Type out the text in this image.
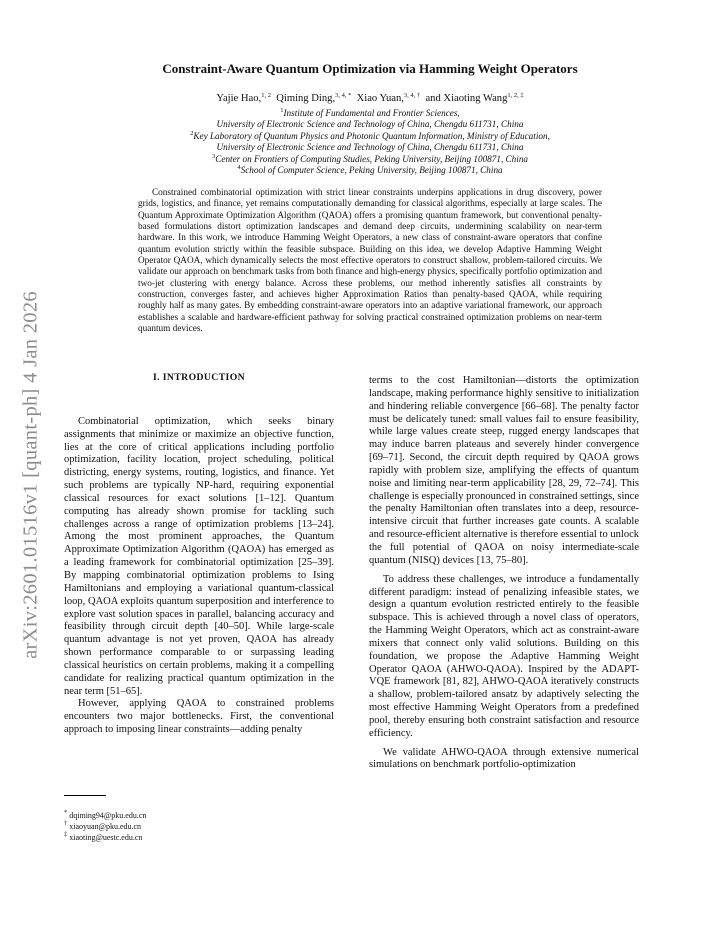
arXiv:2601.01516v1 [quant-ph] 4 Jan 2026
Constraint-Aware Quantum Optimization via Hamming Weight Operators
Yajie Hao,$^{1, 2}$ Qiming Ding,$^{3, 4, *}$ Xiao Yuan,$^{3, 4, \dagger}$ and Xiaoting Wang$^{1, 2, \ddagger}$
$^1$Institute of Fundamental and Frontier Sciences,
University of Electronic Science and Technology of China, Chengdu 611731, China
$^2$Key Laboratory of Quantum Physics and Photonic Quantum Information, Ministry of Education,
University of Electronic Science and Technology of China, Chengdu 611731, China
$^3$Center on Frontiers of Computing Studies, Peking University, Beijing 100871, China
$^4$School of Computer Science, Peking University, Beijing 100871, China

Constrained combinatorial optimization with strict linear constraints underpins applications in drug discovery, power grids, logistics, and finance, yet remains computationally demanding for classical algorithms, especially at large scales. The Quantum Approximate Optimization Algorithm (QAOA) offers a promising quantum framework, but conventional penalty-based formulations distort optimization landscapes and demand deep circuits, undermining scalability on near-term hardware. In this work, we introduce Hamming Weight Operators, a new class of constraint-aware operators that confine quantum evolution strictly within the feasible subspace. Building on this idea, we develop Adaptive Hamming Weight Operator QAOA, which dynamically selects the most effective operators to construct shallow, problem-tailored circuits. We validate our approach on benchmark tasks from both finance and high-energy physics, specifically portfolio optimization and two-jet clustering with energy balance. Across these problems, our method inherently satisfies all constraints by construction, converges faster, and achieves higher Approximation Ratios than penalty-based QAOA, while requiring roughly half as many gates. By embedding constraint-aware operators into an adaptive variational framework, our approach establishes a scalable and hardware-efficient pathway for solving practical constrained optimization problems on near-term quantum devices.

I. INTRODUCTION

Combinatorial optimization, which seeks binary assignments that minimize or maximize an objective function, lies at the core of critical applications including portfolio optimization, facility location, project scheduling, political districting, energy systems, routing, logistics, and finance. Yet such problems are typically NP-hard, requiring exponential classical resources for exact solutions [1–12]. Quantum computing has already shown promise for tackling such challenges across a range of optimization problems [13–24]. Among the most prominent approaches, the Quantum Approximate Optimization Algorithm (QAOA) has emerged as a leading framework for combinatorial optimization [25–39]. By mapping combinatorial optimization problems to Ising Hamiltonians and employing a variational quantum-classical loop, QAOA exploits quantum superposition and interference to explore vast solution spaces in parallel, balancing accuracy and feasibility through circuit depth [40–50]. While large-scale quantum advantage is not yet proven, QAOA has already shown performance comparable to or surpassing leading classical heuristics on certain problems, making it a compelling candidate for realizing practical quantum optimization in the near term [51–65].

However, applying QAOA to constrained problems encounters two major bottlenecks. First, the conventional approach to imposing linear constraints—adding penalty

terms to the cost Hamiltonian—distorts the optimization landscape, making performance highly sensitive to initialization and hindering reliable convergence [66–68]. The penalty factor must be delicately tuned: small values fail to ensure feasibility, while large values create steep, rugged energy landscapes that may induce barren plateaus and severely hinder convergence [69–71]. Second, the circuit depth required by QAOA grows rapidly with problem size, amplifying the effects of quantum noise and limiting near-term applicability [28, 29, 72–74]. This challenge is especially pronounced in constrained settings, since the penalty Hamiltonian often translates into a deep, resource-intensive circuit that further increases gate counts. A scalable and resource-efficient alternative is therefore essential to unlock the full potential of QAOA on noisy intermediate-scale quantum (NISQ) devices [13, 75–80].

To address these challenges, we introduce a fundamentally different paradigm: instead of penalizing infeasible states, we design a quantum evolution restricted entirely to the feasible subspace. This is achieved through a novel class of operators, the Hamming Weight Operators, which act as constraint-aware mixers that connect only valid solutions. Building on this foundation, we propose the Adaptive Hamming Weight Operator QAOA (AHWO-QAOA). Inspired by the ADAPT-VQE framework [81, 82], AHWO-QAOA iteratively constructs a shallow, problem-tailored ansatz by adaptively selecting the most effective Hamming Weight Operators from a predefined pool, thereby ensuring both constraint satisfaction and resource efficiency.

We validate AHWO-QAOA through extensive numerical simulations on benchmark portfolio-optimization

* dqiming94@pku.edu.cn
† xiaoyuan@pku.edu.cn
‡ xiaoting@uestc.edu.cn
